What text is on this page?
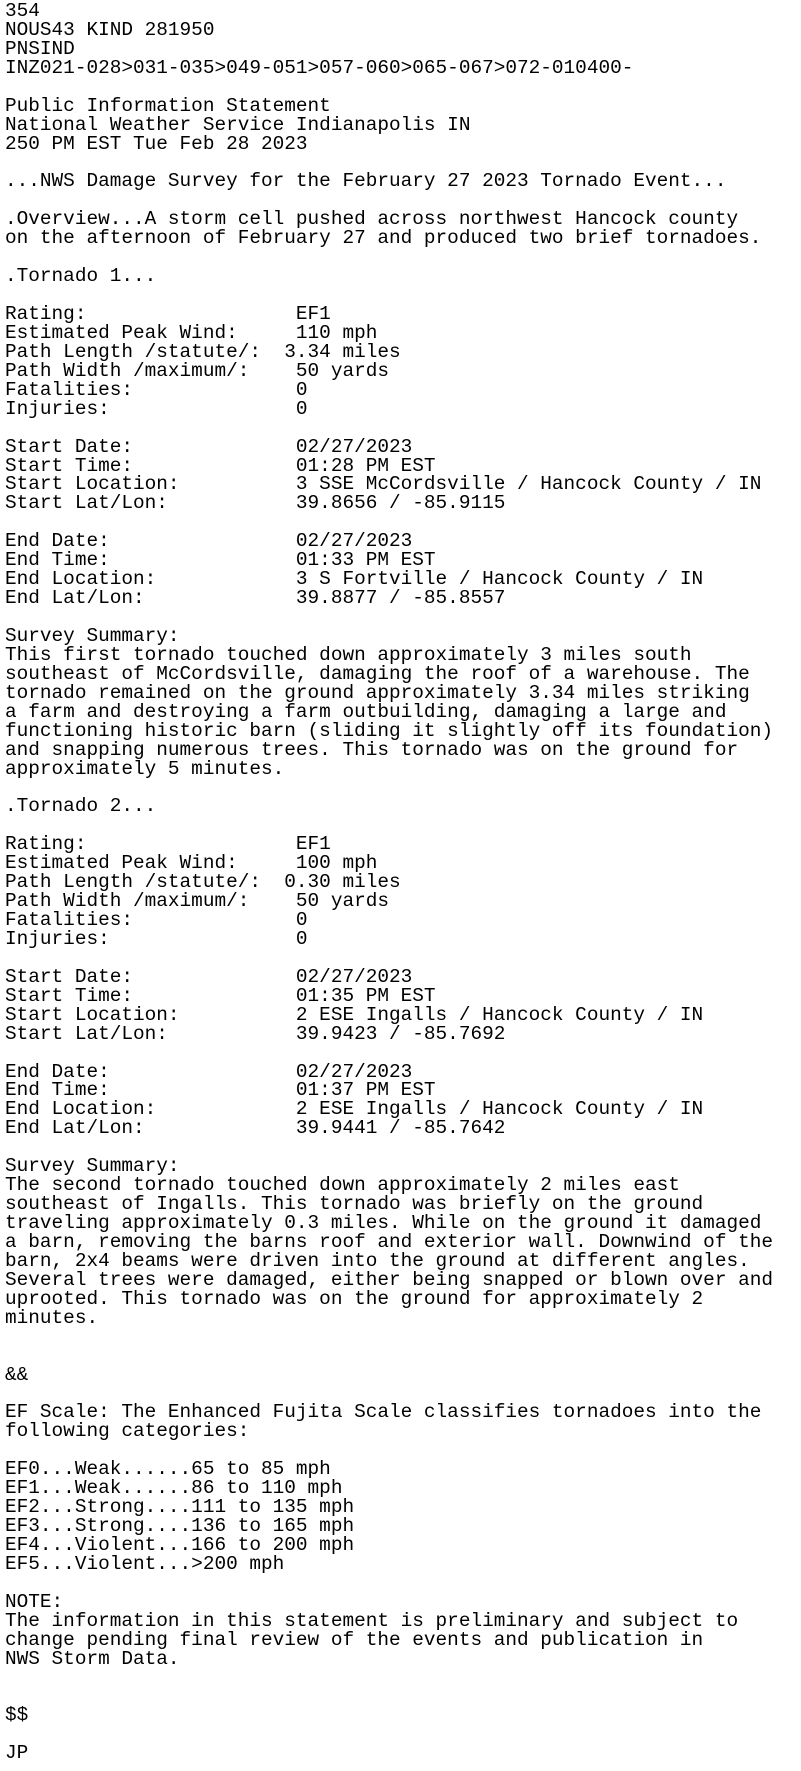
354
NOUS43 KIND 281950
PNSIND
INZ021-028>031-035>049-051>057-060>065-067>072-010400-
Public Information Statement
National Weather Service Indianapolis IN
250 PM EST Tue Feb 28 2023
...NWS Damage Survey for the February 27 2023 Tornado Event...
.Overview...A storm cell pushed across northwest Hancock county
on the afternoon of February 27 and produced two brief tornadoes.
.Tornado 1...
Rating:                  EF1
Estimated Peak Wind:     110 mph
Path Length /statute/:  3.34 miles
Path Width /maximum/:    50 yards
Fatalities:              0
Injuries:                0
Start Date:              02/27/2023
Start Time:              01:28 PM EST
Start Location:          3 SSE McCordsville / Hancock County / IN
Start Lat/Lon:           39.8656 / -85.9115
End Date:                02/27/2023
End Time:                01:33 PM EST
End Location:            3 S Fortville / Hancock County / IN
End Lat/Lon:             39.8877 / -85.8557
Survey Summary:
This first tornado touched down approximately 3 miles south
southeast of McCordsville, damaging the roof of a warehouse. The
tornado remained on the ground approximately 3.34 miles striking
a farm and destroying a farm outbuilding, damaging a large and
functioning historic barn (sliding it slightly off its foundation)
and snapping numerous trees. This tornado was on the ground for
approximately 5 minutes.
.Tornado 2...
Rating:                  EF1
Estimated Peak Wind:     100 mph
Path Length /statute/:  0.30 miles
Path Width /maximum/:    50 yards
Fatalities:              0
Injuries:                0
Start Date:              02/27/2023
Start Time:              01:35 PM EST
Start Location:          2 ESE Ingalls / Hancock County / IN
Start Lat/Lon:           39.9423 / -85.7692
End Date:                02/27/2023
End Time:                01:37 PM EST
End Location:            2 ESE Ingalls / Hancock County / IN
End Lat/Lon:             39.9441 / -85.7642
Survey Summary:
The second tornado touched down approximately 2 miles east
southeast of Ingalls. This tornado was briefly on the ground
traveling approximately 0.3 miles. While on the ground it damaged
a barn, removing the barns roof and exterior wall. Downwind of the
barn, 2x4 beams were driven into the ground at different angles.
Several trees were damaged, either being snapped or blown over and
uprooted. This tornado was on the ground for approximately 2
minutes.
&&
EF Scale: The Enhanced Fujita Scale classifies tornadoes into the
following categories:
EF0...Weak......65 to 85 mph
EF1...Weak......86 to 110 mph
EF2...Strong....111 to 135 mph
EF3...Strong....136 to 165 mph
EF4...Violent...166 to 200 mph
EF5...Violent...>200 mph
NOTE:
The information in this statement is preliminary and subject to
change pending final review of the events and publication in
NWS Storm Data.
$$
JP
